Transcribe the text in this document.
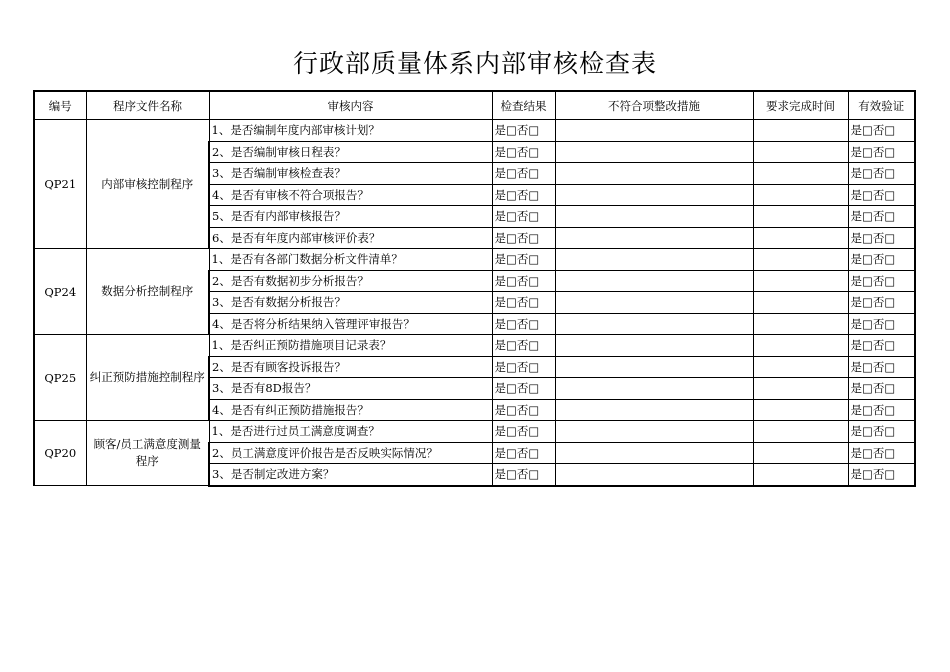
行政部质量体系内部审核检查表
编号	程序文件名称	审核内容	检查结果	不符合项整改措施	要求完成时间	有效验证
QP21	内部审核控制程序	1、是否编制年度内部审核计划？	是□否□			是□否□
		2、是否编制审核日程表？	是□否□			是□否□
		3、是否编制审核检查表？	是□否□			是□否□
		4、是否有审核不符合项报告？	是□否□			是□否□
		5、是否有内部审核报告？	是□否□			是□否□
		6、是否有年度内部审核评价表？	是□否□			是□否□
QP24	数据分析控制程序	1、是否有各部门数据分析文件清单？	是□否□			是□否□
		2、是否有数据初步分析报告？	是□否□			是□否□
		3、是否有数据分析报告？	是□否□			是□否□
		4、是否将分析结果纳入管理评审报告？	是□否□			是□否□
QP25	纠正预防措施控制程序	1、是否纠正预防措施项目记录表？	是□否□			是□否□
		2、是否有顾客投诉报告？	是□否□			是□否□
		3、是否有8D报告？	是□否□			是□否□
		4、是否有纠正预防措施报告？	是□否□			是□否□
QP20	顾客/员工满意度测量程序	1、是否进行过员工满意度调查？	是□否□			是□否□
		2、员工满意度评价报告是否反映实际情况？	是□否□			是□否□
		3、是否制定改进方案？	是□否□			是□否□
